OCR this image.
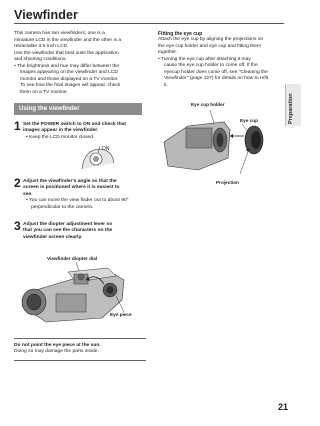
Viewfinder
Preparation

This camera has two viewfinders; one is a

miniature LCD in the viewfinder and the other is a

retractable 3.5-inch LCD.

Use the viewfinder that best suits the application

and shooting conditions.

• The brightness and hue may differ between the

images appearing on the viewfinder and LCD

monitor and those displayed on a TV monitor.

To see how the final images will appear, check

them on a TV monitor.

Using the viewfinder
1 Set the POWER switch to ON and check that
images appear in the viewfinder.
• Keep the LCD monitor closed.
ON
2 Adjust the viewfinder's angle so that the
screen is positioned where it is easiest to
see.
• You can move the view finder out to about 90°
perpendicular to the camera.
3 Adjust the diopter adjustment lever so
that you can see the characters on the
viewfinder screen clearly.
Viewfinder diopter dial
Eye piece
Do not point the eye piece at the sun.
Doing so may damage the parts inside.
Fitting the eye cup
Attach the eye cup by aligning the projections on
the eye cup holder and eye cup and fitting them
together.
• Turning the eye cup after attaching it may
cause the eye cup holder to come off. If the
eyecup holder does come off, see "Cleaning the
Viewfinder" (page 127) for details on how to refit
it.
Eye cup holder
Eye cup
Projection
21
